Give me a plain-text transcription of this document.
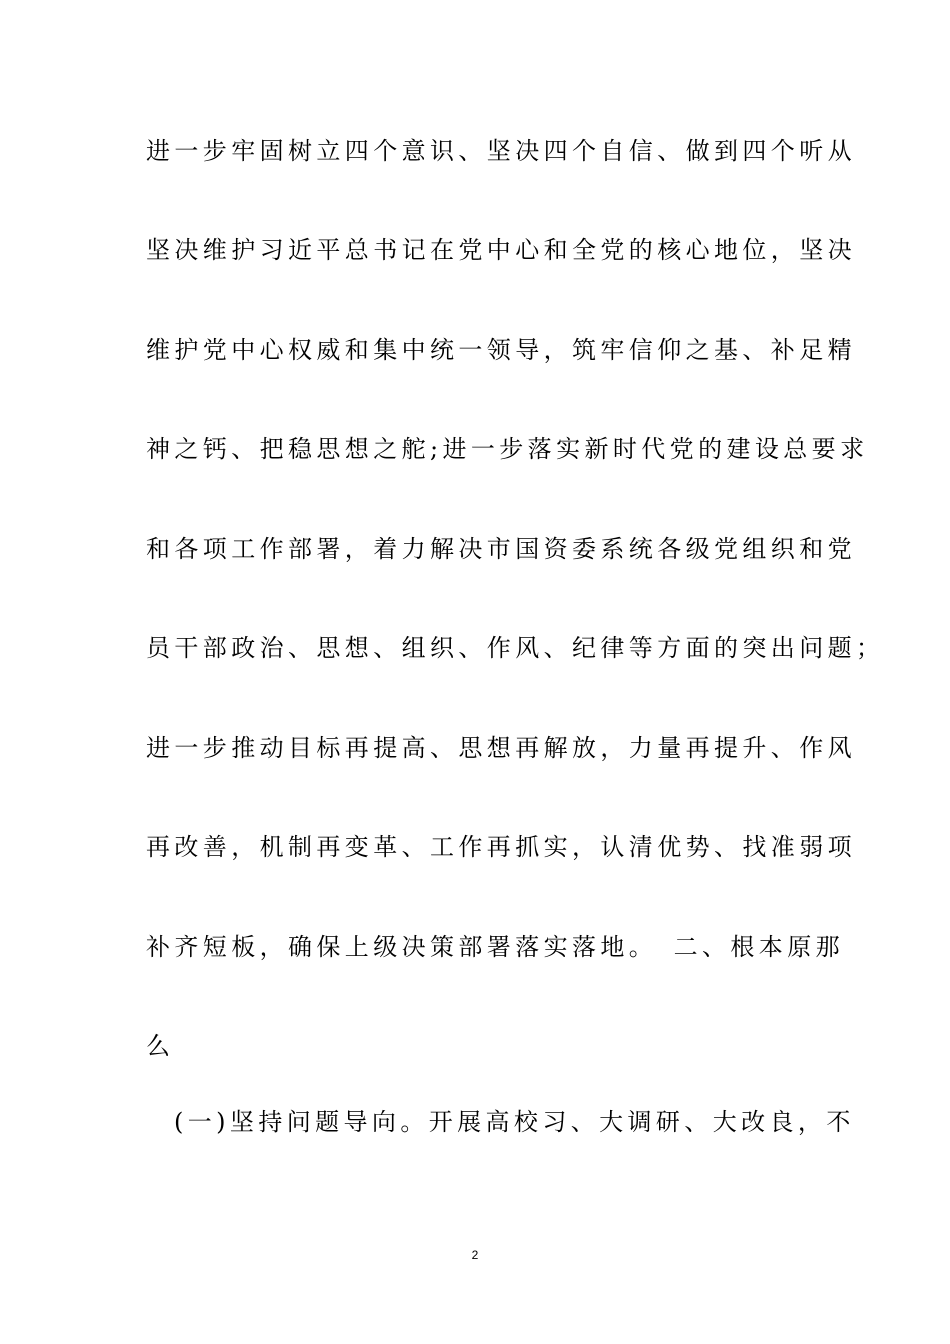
进一步牢固树立四个意识、坚决四个自信、做到四个听从
坚决维护习近平总书记在党中心和全党的核心地位，坚决
维护党中心权威和集中统一领导，筑牢信仰之基、补足精
神之钙、把稳思想之舵;进一步落实新时代党的建设总要求
和各项工作部署，着力解决市国资委系统各级党组织和党
员干部政治、思想、组织、作风、纪律等方面的突出问题；
进一步推动目标再提高、思想再解放，力量再提升、作风
再改善，机制再变革、工作再抓实，认清优势、找准弱项
补齐短板，确保上级决策部署落实落地。　二、根本原那
么
(一)坚持问题导向。开展高校习、大调研、大改良，不
2
